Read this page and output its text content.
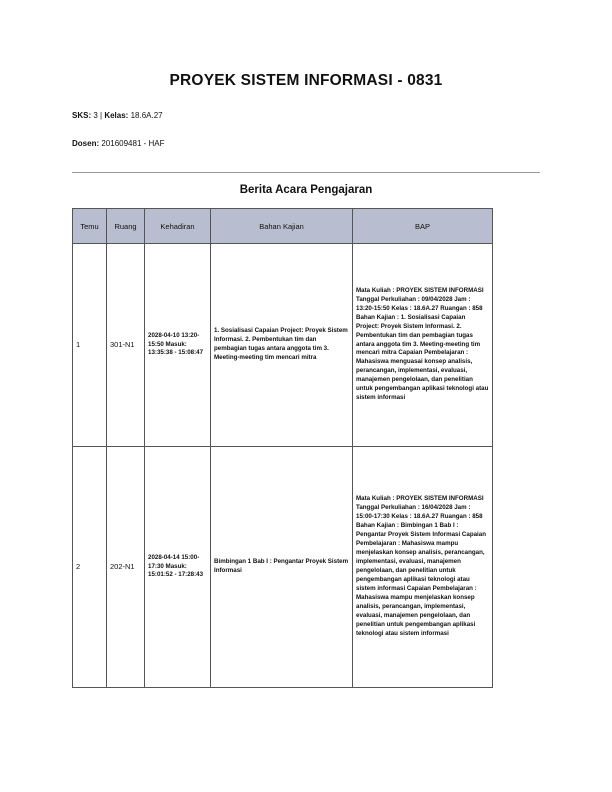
PROYEK SISTEM INFORMASI - 0831
SKS: 3 | Kelas: 18.6A.27
Dosen: 201609481 - HAF
Berita Acara Pengajaran
Temu	Ruang	Kehadiran	Bahan Kajian	BAP
1	301-N1	2028-04-10 13:20-15:50 Masuk: 13:35:38 - 15:08:47	1. Sosialisasi Capaian Project: Proyek Sistem Informasi. 2. Pembentukan tim dan pembagian tugas antara anggota tim 3. Meeting-meeting tim mencari mitra	Mata Kuliah : PROYEK SISTEM INFORMASI Tanggal Perkuliahan : 09/04/2028 Jam : 13:20-15:50 Kelas : 18.6A.27 Ruangan : 858 Bahan Kajian : 1. Sosialisasi Capaian Project: Proyek Sistem Informasi. 2. Pembentukan tim dan pembagian tugas antara anggota tim 3. Meeting-meeting tim mencari mitra Capaian Pembelajaran : Mahasiswa menguasai konsep analisis, perancangan, implementasi, evaluasi, manajemen pengelolaan, dan penelitian untuk pengembangan aplikasi teknologi atau sistem informasi
2	202-N1	2028-04-14 15:00-17:30 Masuk: 15:01:52 - 17:28:43	Bimbingan 1 Bab I : Pengantar Proyek Sistem Informasi	Mata Kuliah : PROYEK SISTEM INFORMASI Tanggal Perkuliahan : 16/04/2028 Jam : 15:00-17:30 Kelas : 18.6A.27 Ruangan : 858 Bahan Kajian : Bimbingan 1 Bab I : Pengantar Proyek Sistem Informasi Capaian Pembelajaran : Mahasiswa mampu menjelaskan konsep analisis, perancangan, implementasi, evaluasi, manajemen pengelolaan, dan penelitian untuk pengembangan aplikasi teknologi atau sistem informasi Capaian Pembelajaran : Mahasiswa mampu menjelaskan konsep analisis, perancangan, implementasi, evaluasi, manajemen pengelolaan, dan penelitian untuk pengembangan aplikasi teknologi atau sistem informasi
